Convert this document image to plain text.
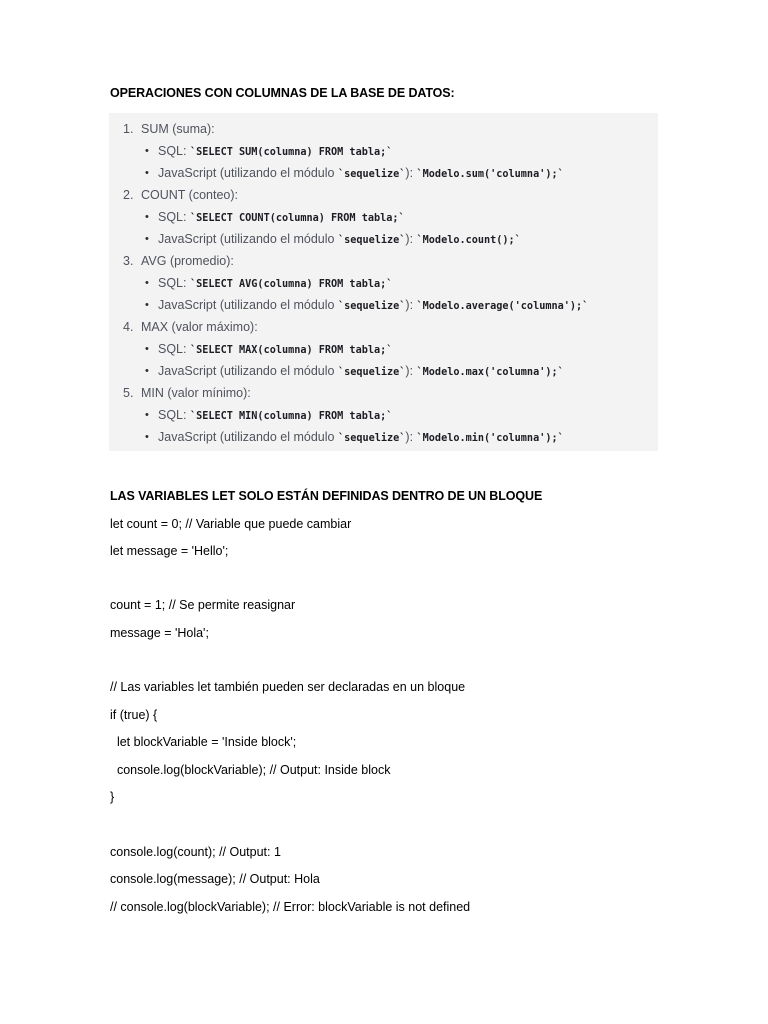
OPERACIONES CON COLUMNAS DE LA BASE DE DATOS:
1. SUM (suma):
• SQL: `SELECT SUM(columna) FROM tabla;`
• JavaScript (utilizando el módulo `sequelize`): `Modelo.sum('columna');`
2. COUNT (conteo):
• SQL: `SELECT COUNT(columna) FROM tabla;`
• JavaScript (utilizando el módulo `sequelize`): `Modelo.count();`
3. AVG (promedio):
• SQL: `SELECT AVG(columna) FROM tabla;`
• JavaScript (utilizando el módulo `sequelize`): `Modelo.average('columna');`
4. MAX (valor máximo):
• SQL: `SELECT MAX(columna) FROM tabla;`
• JavaScript (utilizando el módulo `sequelize`): `Modelo.max('columna');`
5. MIN (valor mínimo):
• SQL: `SELECT MIN(columna) FROM tabla;`
• JavaScript (utilizando el módulo `sequelize`): `Modelo.min('columna');`
LAS VARIABLES LET SOLO ESTÁN DEFINIDAS DENTRO DE UN BLOQUE
let count = 0; // Variable que puede cambiar
let message = 'Hello';
count = 1; // Se permite reasignar
message = 'Hola';
// Las variables let también pueden ser declaradas en un bloque
if (true) {
let blockVariable = 'Inside block';
console.log(blockVariable); // Output: Inside block
}
console.log(count); // Output: 1
console.log(message); // Output: Hola
// console.log(blockVariable); // Error: blockVariable is not defined
